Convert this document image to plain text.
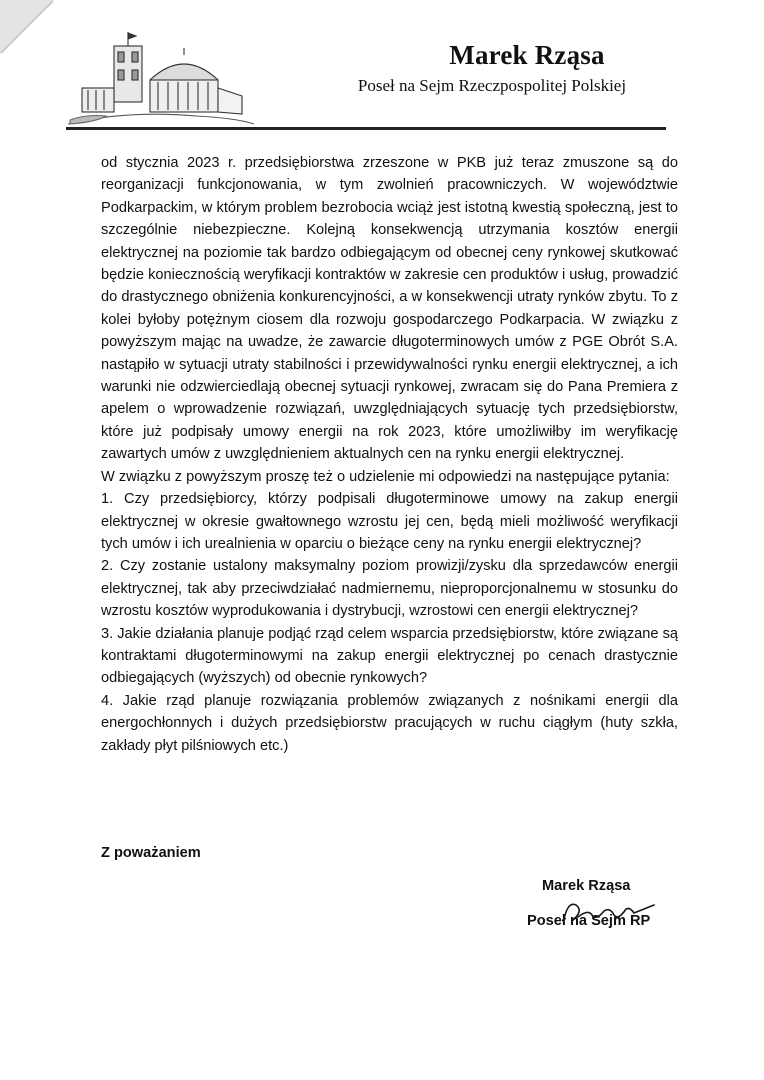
Marek Rząsa
Poseł na Sejm Rzeczpospolitej Polskiej

od stycznia 2023 r. przedsiębiorstwa zrzeszone w PKB już teraz zmuszone są do reorganizacji funkcjonowania, w tym zwolnień pracowniczych. W województwie Podkarpackim, w którym problem bezrobocia wciąż jest istotną kwestią społeczną, jest to szczególnie niebezpieczne. Kolejną konsekwencją utrzymania kosztów energii elektrycznej na poziomie tak bardzo odbiegającym od obecnej ceny rynkowej skutkować będzie koniecznością weryfikacji kontraktów w zakresie cen produktów i usług, prowadzić do drastycznego obniżenia konkurencyjności, a w konsekwencji utraty rynków zbytu. To z kolei byłoby potężnym ciosem dla rozwoju gospodarczego Podkarpacia. W związku z powyższym mając na uwadze, że zawarcie długoterminowych umów z PGE Obrót S.A. nastąpiło w sytuacji utraty stabilności i przewidywalności rynku energii elektrycznej, a ich warunki nie odzwierciedlają obecnej sytuacji rynkowej, zwracam się do Pana Premiera z apelem o wprowadzenie rozwiązań, uwzględniających sytuację tych przedsiębiorstw, które już podpisały umowy energii na rok 2023, które umożliwiłby im weryfikację zawartych umów z uwzględnieniem aktualnych cen na rynku energii elektrycznej.

W związku z powyższym proszę też o udzielenie mi odpowiedzi na następujące pytania:

1. Czy przedsiębiorcy, którzy podpisali długoterminowe umowy na zakup energii elektrycznej w okresie gwałtownego wzrostu jej cen, będą mieli możliwość weryfikacji tych umów i ich urealnienia w oparciu o bieżące ceny na rynku energii elektrycznej?

2. Czy zostanie ustalony maksymalny poziom prowizji/zysku dla sprzedawców energii elektrycznej, tak aby przeciwdziałać nadmiernemu, nieproporcjonalnemu w stosunku do wzrostu kosztów wyprodukowania i dystrybucji, wzrostowi cen energii elektrycznej?

3. Jakie działania planuje podjąć rząd celem wsparcia przedsiębiorstw, które związane są kontraktami długoterminowymi na zakup energii elektrycznej po cenach drastycznie odbiegających (wyższych) od obecnie rynkowych?

4. Jakie rząd planuje rozwiązania problemów związanych z nośnikami energii dla energochłonnych i dużych przedsiębiorstw pracujących w ruchu ciągłym (huty szkła, zakłady płyt pilśniowych etc.)

Z poważaniem
Marek Rząsa
Poseł na Sejm RP
